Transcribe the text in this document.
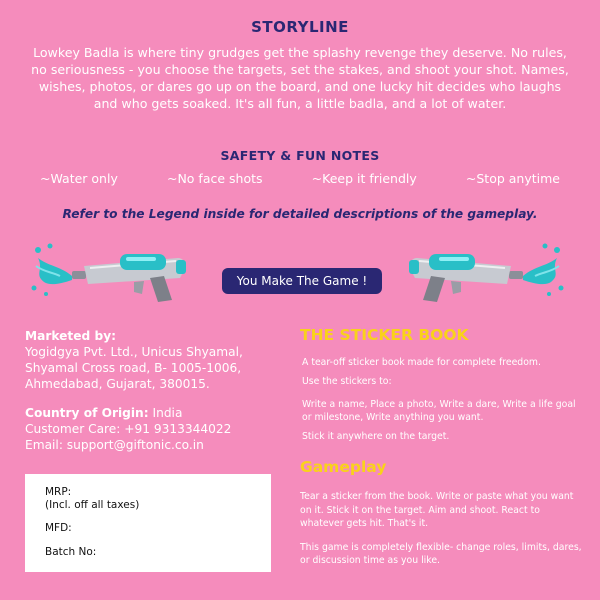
STORYLINE
Lowkey Badla is where tiny grudges get the splashy revenge they deserve. No rules, no seriousness - you choose the targets, set the stakes, and shoot your shot. Names, wishes, photos, or dares go up on the board, and one lucky hit decides who laughs and who gets soaked. It's all fun, a little badla, and a lot of water.
SAFETY & FUN NOTES
~Water only	~No face shots	~Keep it friendly	~Stop anytime
Refer to the Legend inside for detailed descriptions of the gameplay.
You Make The Game !
Marketed by:
Yogidgya Pvt. Ltd., Unicus Shyamal,
Shyamal Cross road, B- 1005-1006,
Ahmedabad, Gujarat, 380015.
Country of Origin: India
Customer Care: +91 9313344022
Email: support@giftonic.co.in
MRP:
(Incl. off all taxes)
MFD:
Batch No:
THE STICKER BOOK

A tear-off sticker book made for complete freedom.

Use the stickers to:

Write a name, Place a photo, Write a dare, Write a life goal or milestone, Write anything you want.

Stick it anywhere on the target.

Gameplay

Tear a sticker from the book. Write or paste what you want on it. Stick it on the target. Aim and shoot. React to whatever gets hit. That's it.

This game is completely flexible- change roles, limits, dares, or discussion time as you like.
